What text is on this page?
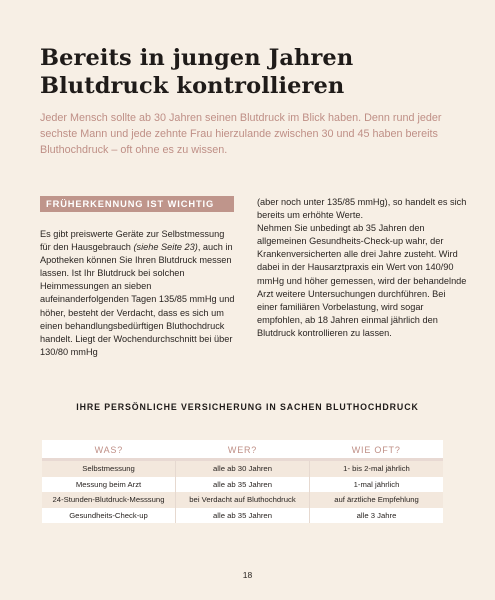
Bereits in jungen Jahren Blutdruck kontrollieren

Jeder Mensch sollte ab 30 Jahren seinen Blutdruck im Blick haben. Denn rund jeder sechste Mann und jede zehnte Frau hierzulande zwischen 30 und 45 haben bereits Bluthochdruck – oft ohne es zu wissen.

FRÜHERKENNUNG IST WICHTIG

Es gibt preiswerte Geräte zur Selbstmessung für den Hausgebrauch (siehe Seite 23), auch in Apotheken können Sie Ihren Blutdruck messen lassen. Ist Ihr Blutdruck bei solchen Heimmessungen an sieben aufeinanderfolgenden Tagen 135/85 mmHg und höher, besteht der Verdacht, dass es sich um einen behandlungsbedürftigen Bluthochdruck handelt. Liegt der Wochendurchschnitt bei über 130/80 mmHg

(aber noch unter 135/85 mmHg), so handelt es sich bereits um erhöhte Werte.

Nehmen Sie unbedingt ab 35 Jahren den allgemeinen Gesundheits-Check-up wahr, der Krankenversicherten alle drei Jahre zusteht. Wird dabei in der Hausarztpraxis ein Wert von 140/90 mmHg und höher gemessen, wird der behandelnde Arzt weitere Untersuchungen durchführen. Bei einer familiären Vorbelastung, wird sogar empfohlen, ab 18 Jahren einmal jährlich den Blutdruck kontrollieren zu lassen.

IHRE PERSÖNLICHE VERSICHERUNG IN SACHEN BLUTHOCHDRUCK
WAS?	WER?	WIE OFT?
Selbstmessung	alle ab 30 Jahren	1- bis 2-mal jährlich
Messung beim Arzt	alle ab 35 Jahren	1-mal jährlich
24-Stunden-Blutdruck-Messsung	bei Verdacht auf Bluthochdruck	auf ärztliche Empfehlung
Gesundheits-Check-up	alle ab 35 Jahren	alle 3 Jahre
18
